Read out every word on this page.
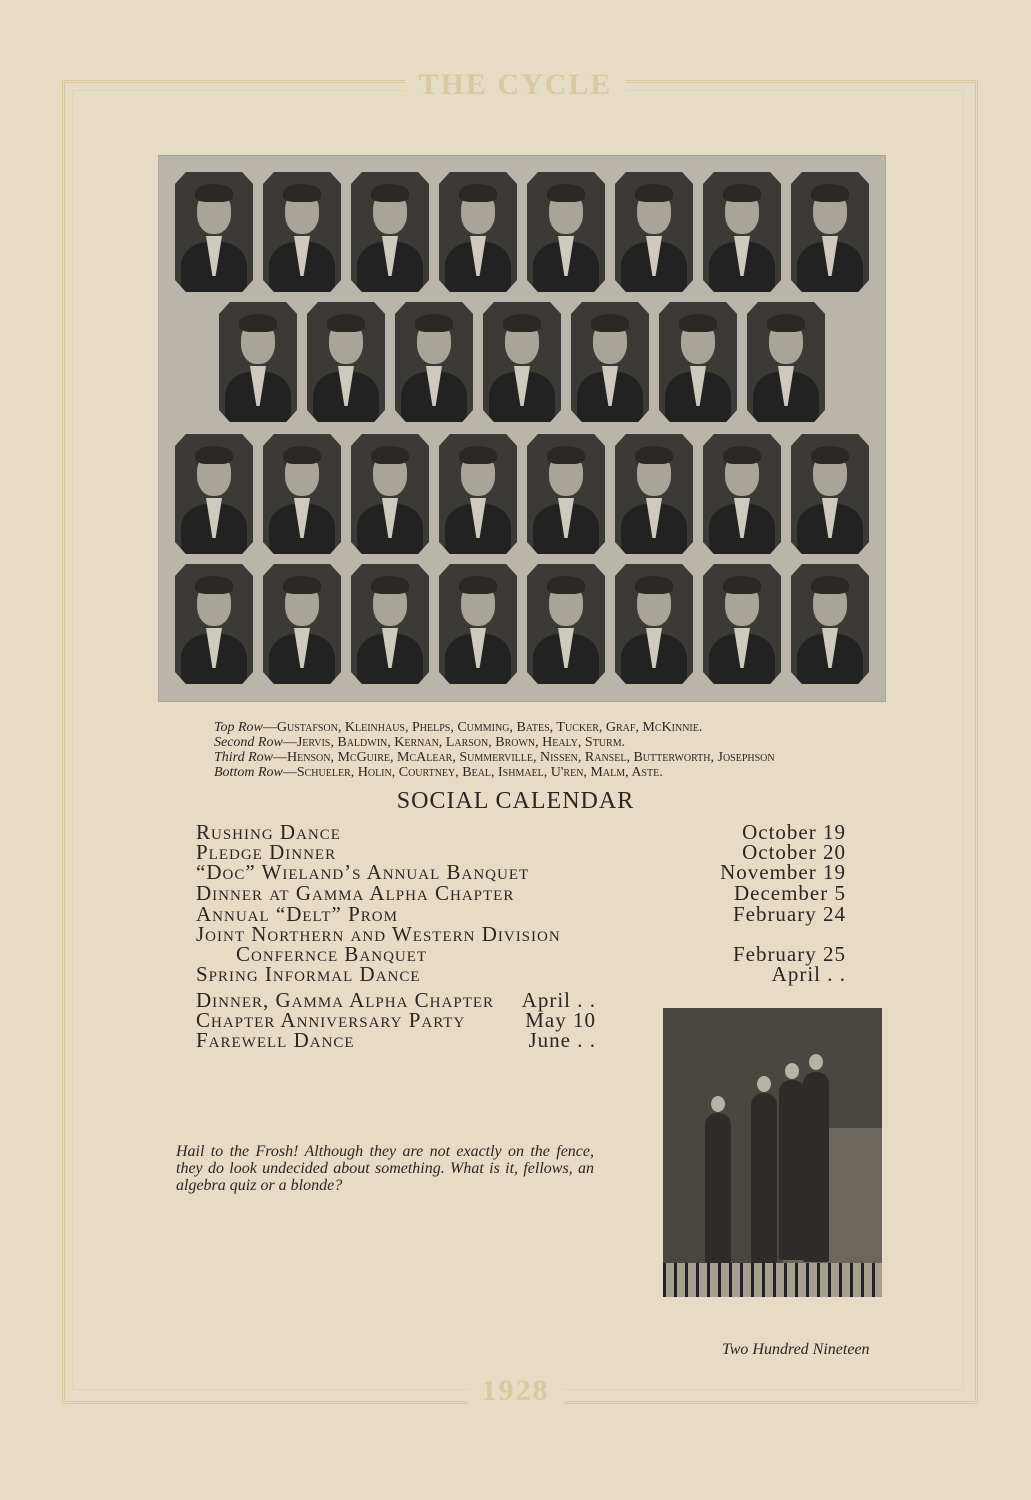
THE CYCLE
Top Row—Gustafson, Kleinhaus, Phelps, Cumming, Bates, Tucker, Graf, McKinnie.
Second Row—Jervis, Baldwin, Kernan, Larson, Brown, Healy, Sturm.
Third Row—Henson, McGuire, McAlear, Summerville, Nissen, Ransel, Butterworth, Josephson
Bottom Row—Schueler, Holin, Courtney, Beal, Ishmael, U'ren, Malm, Aste.
SOCIAL CALENDAR
Rushing Dance	October 19
Pledge Dinner	October 20
“Doc” Wieland’s Annual Banquet	November 19
Dinner at Gamma Alpha Chapter	December 5
Annual “Delt” Prom	February 24
Joint Northern and Western Division
Confernce Banquet	February 25
Spring Informal Dance	April . .
Dinner, Gamma Alpha Chapter April . .
Chapter Anniversary Party	May 10
Farewell Dance	June . .
Hail to the Frosh! Although they are not exactly on the fence, they do look undecided about something. What is it, fellows, an algebra quiz or a blonde?
Two Hundred Nineteen
1928
